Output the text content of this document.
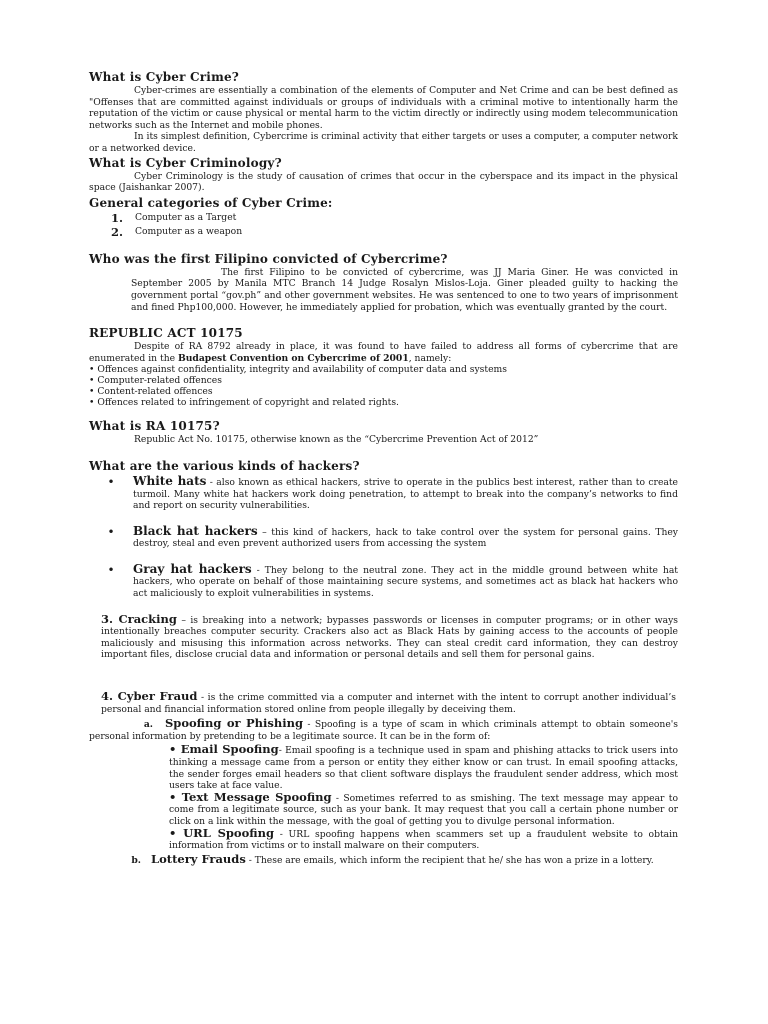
What is Cyber Crime?

Cyber-crimes are essentially a combination of the elements of Computer and Net Crime and can be best defined as "Offenses that are committed against individuals or groups of individuals with a criminal motive to intentionally harm the reputation of the victim or cause physical or mental harm to the victim directly or indirectly using modem telecommunication networks such as the Internet and mobile phones.

In its simplest definition, Cybercrime is criminal activity that either targets or uses a computer, a computer network or a networked device.

What is Cyber Criminology?

Cyber Criminology is the study of causation of crimes that occur in the cyberspace and its impact in the physical space (Jaishankar 2007).

General categories of Cyber Crime:
1.	Computer as a Target
2.	Computer as a weapon
Who was the first Filipino convicted of Cybercrime?

The first Filipino to be convicted of cybercrime, was JJ Maria Giner. He was convicted in September 2005 by Manila MTC Branch 14 Judge Rosalyn Mislos-Loja. Giner pleaded guilty to hacking the government portal “gov.ph” and other government websites. He was sentenced to one to two years of imprisonment and fined Php100,000. However, he immediately applied for probation, which was eventually granted by the court.

REPUBLIC ACT 10175

Despite of RA 8792 already in place, it was found to have failed to address all forms of cybercrime that are enumerated in the Budapest Convention on Cybercrime of 2001, namely:

• Offences against confidentiality, integrity and availability of computer data and systems
• Computer-related offences
• Content-related offences
• Offences related to infringement of copyright and related rights.
What is RA 10175?

Republic Act No. 10175, otherwise known as the “Cybercrime Prevention Act of 2012”

What are the various kinds of hackers?
•	White hats - also known as ethical hackers, strive to operate in the publics best interest, rather than to create turmoil. Many white hat hackers work doing penetration, to attempt to break into the company’s networks to find and report on security vulnerabilities.

•	Black hat hackers – this kind of hackers, hack to take control over the system for personal gains. They destroy, steal and even prevent authorized users from accessing the system

•	Gray hat hackers - They belong to the neutral zone. They act in the middle ground between white hat hackers, who operate on behalf of those maintaining secure systems, and sometimes act as black hat hackers who act maliciously to exploit vulnerabilities in systems.

3. Cracking – is breaking into a network; bypasses passwords or licenses in computer programs; or in other ways intentionally breaches computer security. Crackers also act as Black Hats by gaining access to the accounts of people maliciously and misusing this information across networks. They can steal credit card information, they can destroy important files, disclose crucial data and information or personal details and sell them for personal gains.

4. Cyber Fraud - is the crime committed via a computer and internet with the intent to corrupt another individual’s personal and financial information stored online from people illegally by deceiving them.

a. Spoofing or Phishing - Spoofing is a type of scam in which criminals attempt to obtain someone's personal information by pretending to be a legitimate source. It can be in the form of:

• Email Spoofing- Email spoofing is a technique used in spam and phishing attacks to trick users into thinking a message came from a person or entity they either know or can trust. In email spoofing attacks, the sender forges email headers so that client software displays the fraudulent sender address, which most users take at face value.

• Text Message Spoofing - Sometimes referred to as smishing. The text message may appear to come from a legitimate source, such as your bank. It may request that you call a certain phone number or click on a link within the message, with the goal of getting you to divulge personal information.

• URL Spoofing - URL spoofing happens when scammers set up a fraudulent website to obtain information from victims or to install malware on their computers.

b. Lottery Frauds - These are emails, which inform the recipient that he/ she has won a prize in a lottery.
